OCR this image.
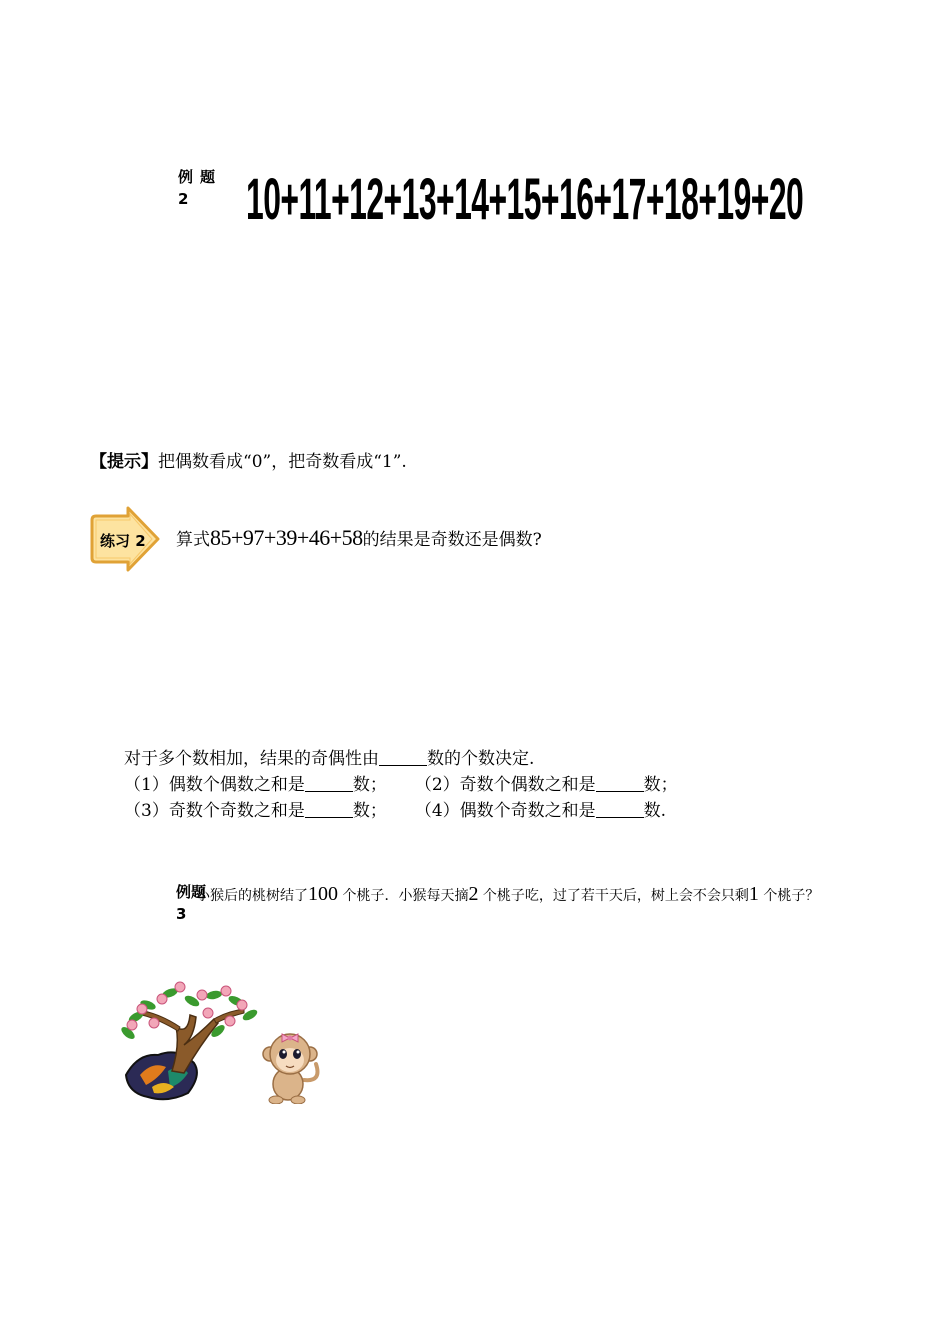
例题
2 10+11+12+13+14+15+16+17+18+19+20
【提示】把偶数看成“0”，把奇数看成“1”.
练习 2 算式85+97+39+46+58的结果是奇数还是偶数?
对于多个数相加，结果的奇偶性由	数的个数决定.
（1）偶数个偶数之和是	数； （2）奇数个偶数之和是	数；
（3）奇数个奇数之和是	数； （4）偶数个奇数之和是	数.
例题
3
小猴后的桃树结了100 个桃子．小猴每天摘2 个桃子吃，过了若干天后，树上会不会只剩1 个桃子？
